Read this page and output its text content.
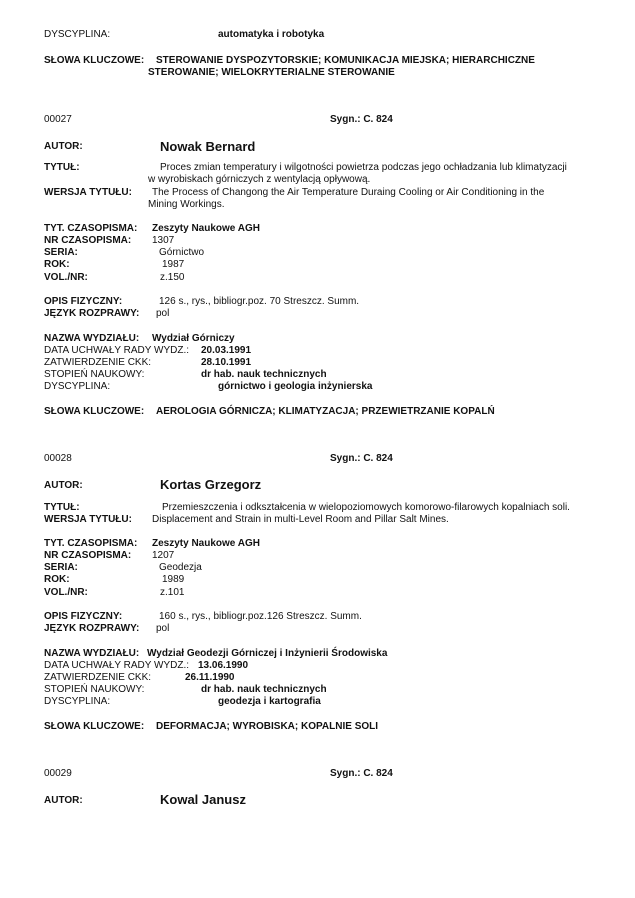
DYSCYPLINA:	automatyka i robotyka
SŁOWA KLUCZOWE: STEROWANIE DYSPOZYTORSKIE; KOMUNIKACJA MIEJSKA; HIERARCHICZNE
STEROWANIE; WIELOKRYTERIALNE STEROWANIE
00027	Sygn.: C. 824
AUTOR:	Nowak Bernard
TYTUŁ:	Proces zmian temperatury i wilgotności powietrza podczas jego ochładzania lub klimatyzacji
w wyrobiskach górniczych z wentylacją opływową.
WERSJA TYTUŁU: The Process of Changong the Air Temperature Duraing Cooling or Air Conditioning in the
Mining Workings.
TYT. CZASOPISMA: Zeszyty Naukowe AGH
NR CZASOPISMA: 1307
SERIA:	Górnictwo
ROK:	1987
VOL./NR:	z.150
OPIS FIZYCZNY:	126 s., rys., bibliogr.poz. 70 Streszcz. Summ.
JĘZYK ROZPRAWY: pol
NAZWA WYDZIAŁU: Wydział Górniczy
DATA UCHWAŁY RADY WYDZ.: 20.03.1991
ZATWIERDZENIE CKK:	28.10.1991
STOPIEŃ NAUKOWY:	dr hab. nauk technicznych
DYSCYPLINA:	górnictwo i geologia inżynierska
SŁOWA KLUCZOWE: AEROLOGIA GÓRNICZA; KLIMATYZACJA; PRZEWIETRZANIE KOPALŃ
00028	Sygn.: C. 824
AUTOR:	Kortas Grzegorz
TYTUŁ:	Przemieszczenia i odkształcenia w wielopoziomowych komorowo-filarowych kopalniach soli.
WERSJA TYTUŁU: Displacement and Strain in multi-Level Room and Pillar Salt Mines.
TYT. CZASOPISMA: Zeszyty Naukowe AGH
NR CZASOPISMA: 1207
SERIA:	Geodezja
ROK:	1989
VOL./NR:	z.101
OPIS FIZYCZNY:	160 s., rys., bibliogr.poz.126 Streszcz. Summ.
JĘZYK ROZPRAWY: pol
NAZWA WYDZIAŁU: Wydział Geodezji Górniczej i Inżynierii Środowiska
DATA UCHWAŁY RADY WYDZ.: 13.06.1990
ZATWIERDZENIE CKK:	26.11.1990
STOPIEŃ NAUKOWY:	dr hab. nauk technicznych
DYSCYPLINA:	geodezja i kartografia
SŁOWA KLUCZOWE: DEFORMACJA; WYROBISKA; KOPALNIE SOLI
00029	Sygn.: C. 824
AUTOR:	Kowal Janusz
